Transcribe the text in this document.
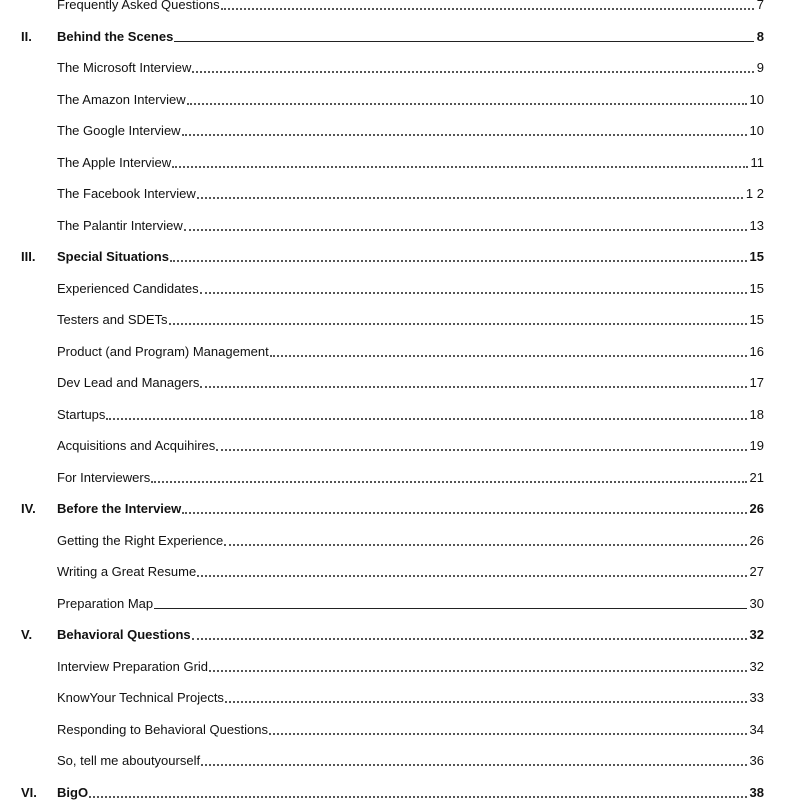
Frequently Asked Questions	7
II. Behind the Scenes	8
The Microsoft Interview	9
The Amazon Interview	10
The Google Interview	10
The Apple Interview	11
The Facebook Interview	1 2
The Palantir Interview	13
III. Special Situations	15
Experienced Candidates	15
Testers and SDETs	15
Product (and Program) Management	16
Dev Lead and Managers	17
Startups	18
Acquisitions and Acquihires	19
For Interviewers	21
IV. Before the Interview	26
Getting the Right Experience	26
Writing a Great Resume	27
Preparation Map	30
V. Behavioral Questions	32
Interview Preparation Grid	32
KnowYour Technical Projects	33
Responding to Behavioral Questions	34
So, tell me aboutyourself	36
VI. BigO	38
